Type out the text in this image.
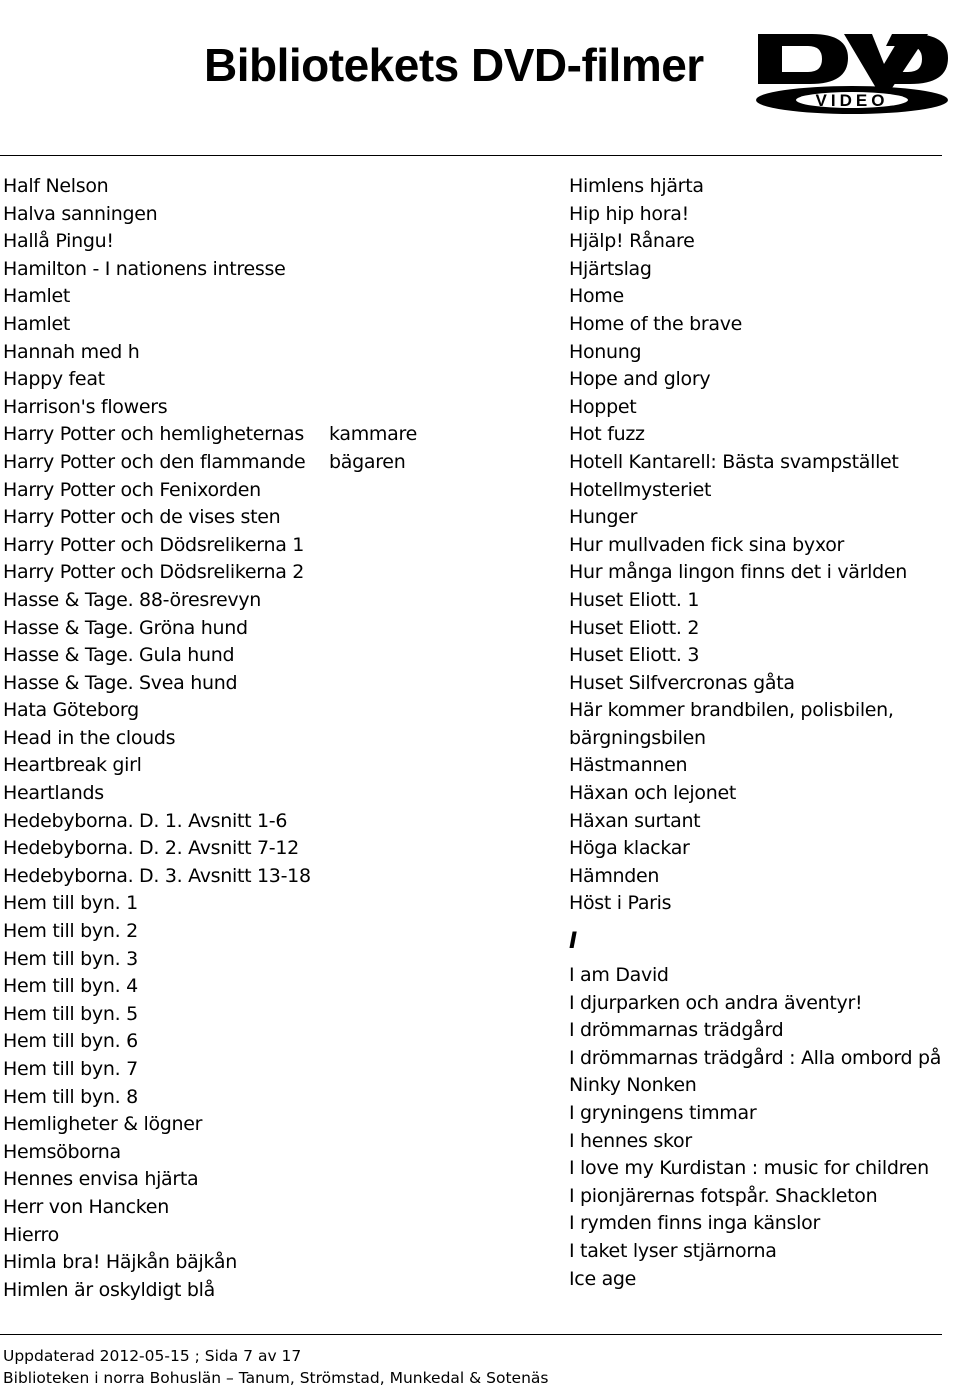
Bibliotekets DVD-filmer
VIDEO
Half Nelson
Halva sanningen
Hallå Pingu!
Hamilton - I nationens intresse
Hamlet
Hamlet
Hannah med h
Happy feat
Harrison's flowers
Harry Potter och hemligheternas kammare
Harry Potter och den flammande bägaren
Harry Potter och Fenixorden
Harry Potter och de vises sten
Harry Potter och Dödsrelikerna 1
Harry Potter och Dödsrelikerna 2
Hasse & Tage. 88-öresrevyn
Hasse & Tage. Gröna hund
Hasse & Tage. Gula hund
Hasse & Tage. Svea hund
Hata Göteborg
Head in the clouds
Heartbreak girl
Heartlands
Hedebyborna. D. 1. Avsnitt 1-6
Hedebyborna. D. 2. Avsnitt 7-12
Hedebyborna. D. 3. Avsnitt 13-18
Hem till byn. 1
Hem till byn. 2
Hem till byn. 3
Hem till byn. 4
Hem till byn. 5
Hem till byn. 6
Hem till byn. 7
Hem till byn. 8
Hemligheter & lögner
Hemsöborna
Hennes envisa hjärta
Herr von Hancken
Hierro
Himla bra! Häjkån bäjkån
Himlen är oskyldigt blå
Himlens hjärta
Hip hip hora!
Hjälp! Rånare
Hjärtslag
Home
Home of the brave
Honung
Hope and glory
Hoppet
Hot fuzz
Hotell Kantarell: Bästa svampstället
Hotellmysteriet
Hunger
Hur mullvaden fick sina byxor
Hur många lingon finns det i världen
Huset Eliott. 1
Huset Eliott. 2
Huset Eliott. 3
Huset Silfvercronas gåta
Här kommer brandbilen, polisbilen, bärgningsbilen
Hästmannen
Häxan och lejonet
Häxan surtant
Höga klackar
Hämnden
Höst i Paris
I
I am David
I djurparken och andra äventyr!
I drömmarnas trädgård
I drömmarnas trädgård : Alla ombord på Ninky Nonken
I gryningens timmar
I hennes skor
I love my Kurdistan : music for children
I pionjärernas fotspår. Shackleton
I rymden finns inga känslor
I taket lyser stjärnorna
Ice age
Uppdaterad 2012-05-15 ; Sida 7 av 17
Biblioteken i norra Bohuslän – Tanum, Strömstad, Munkedal & Sotenäs
